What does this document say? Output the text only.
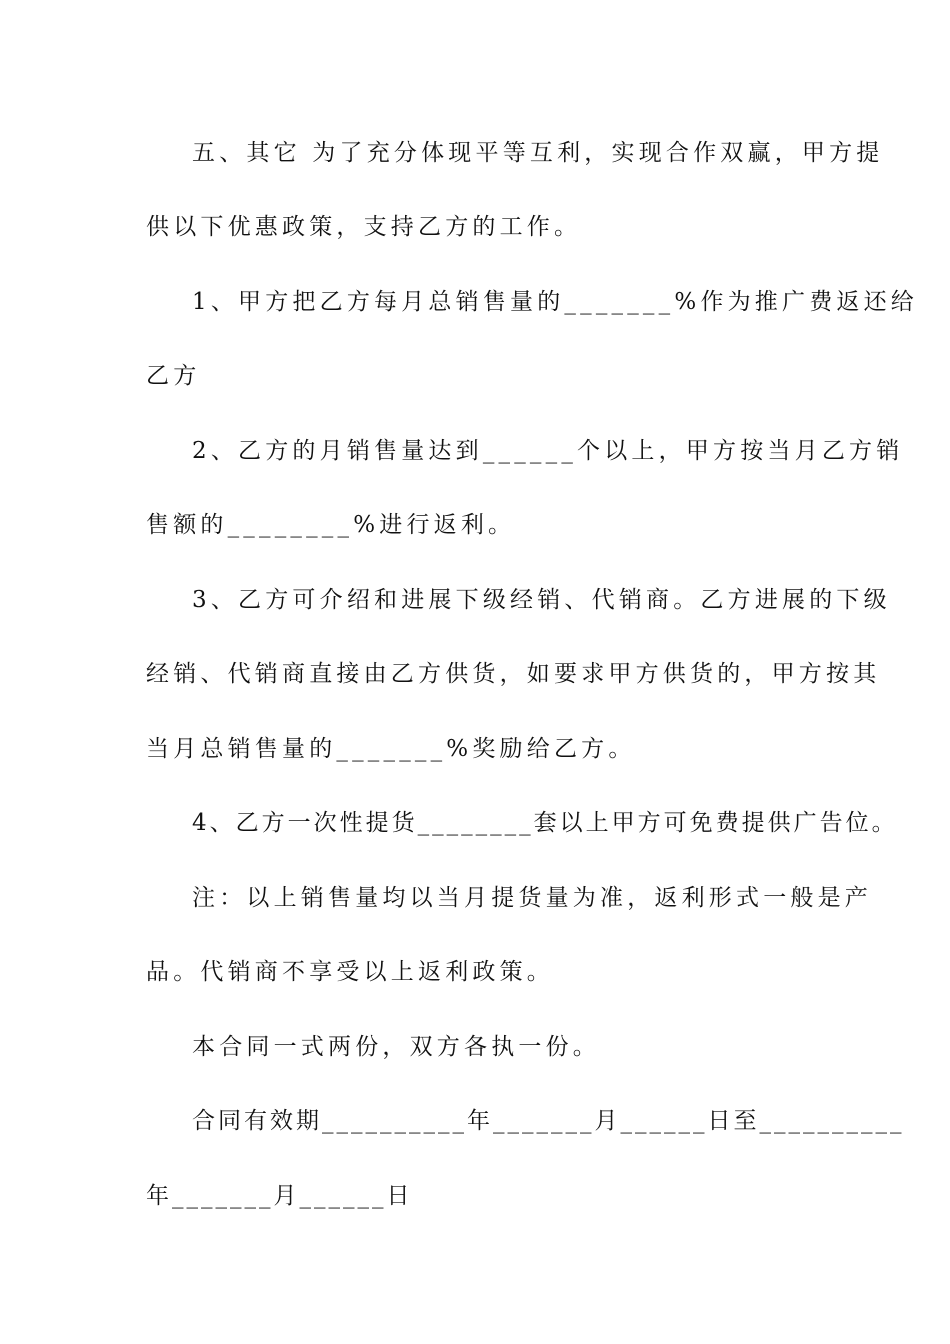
五、其它 为了充分体现平等互利，实现合作双赢，甲方提
供以下优惠政策，支持乙方的工作。
1、甲方把乙方每月总销售量的_______%作为推广费返还给
乙方
2、乙方的月销售量达到______个以上，甲方按当月乙方销
售额的________%进行返利。
3、乙方可介绍和进展下级经销、代销商。乙方进展的下级
经销、代销商直接由乙方供货，如要求甲方供货的，甲方按其
当月总销售量的_______%奖励给乙方。
4、乙方一次性提货________套以上甲方可免费提供广告位。
注：以上销售量均以当月提货量为准，返利形式一般是产
品。代销商不享受以上返利政策。
本合同一式两份，双方各执一份。
合同有效期__________年_______月______日至__________
年_______月______日
